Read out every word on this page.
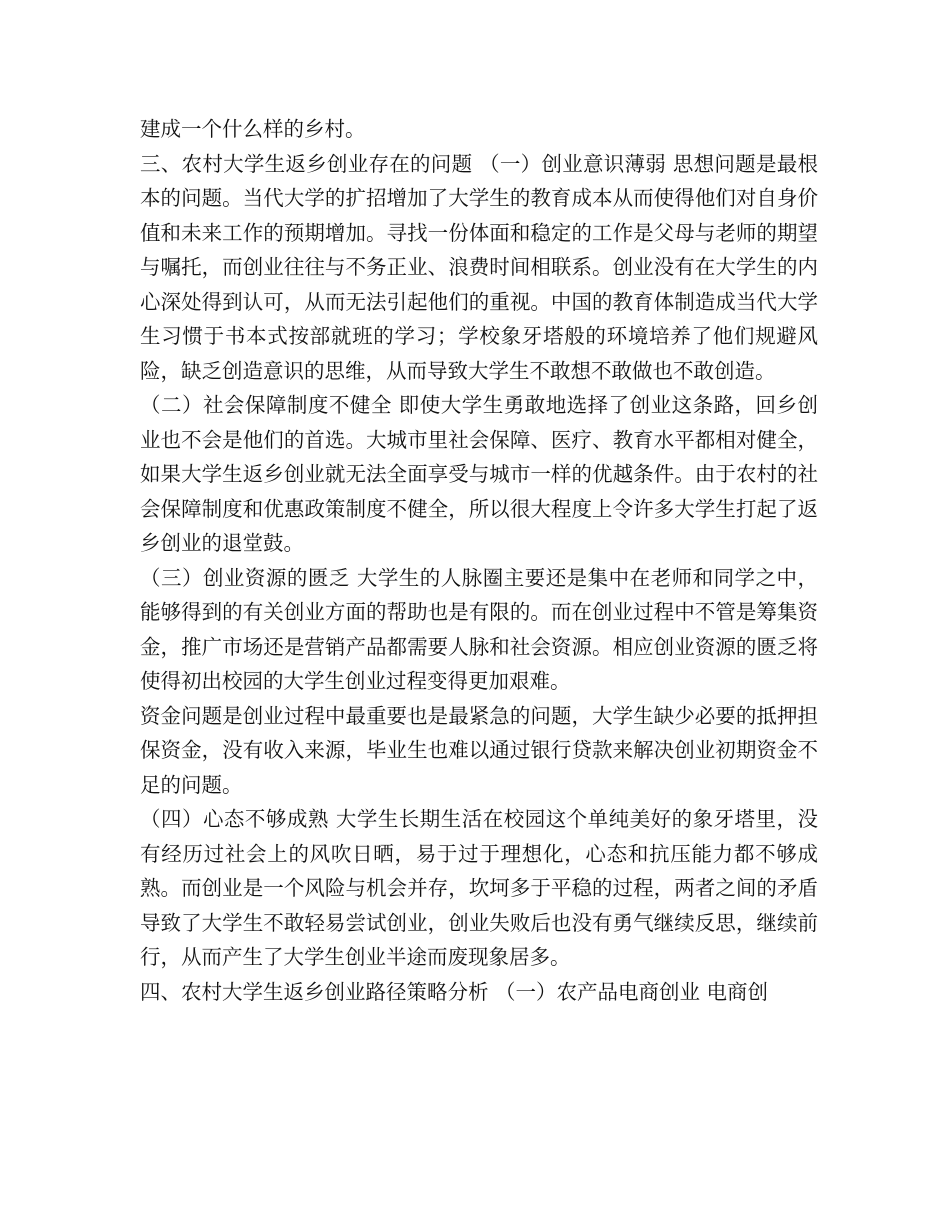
建成一个什么样的乡村。

三、农村大学生返乡创业存在的问题 （一）创业意识薄弱 思想问题是最根本的问题。当代大学的扩招增加了大学生的教育成本从而使得他们对自身价值和未来工作的预期增加。寻找一份体面和稳定的工作是父母与老师的期望与嘱托，而创业往往与不务正业、浪费时间相联系。创业没有在大学生的内心深处得到认可，从而无法引起他们的重视。中国的教育体制造成当代大学生习惯于书本式按部就班的学习；学校象牙塔般的环境培养了他们规避风险，缺乏创造意识的思维，从而导致大学生不敢想不敢做也不敢创造。

（二）社会保障制度不健全 即使大学生勇敢地选择了创业这条路，回乡创业也不会是他们的首选。大城市里社会保障、医疗、教育水平都相对健全，如果大学生返乡创业就无法全面享受与城市一样的优越条件。由于农村的社会保障制度和优惠政策制度不健全，所以很大程度上令许多大学生打起了返乡创业的退堂鼓。

（三）创业资源的匮乏 大学生的人脉圈主要还是集中在老师和同学之中，能够得到的有关创业方面的帮助也是有限的。而在创业过程中不管是筹集资金，推广市场还是营销产品都需要人脉和社会资源。相应创业资源的匮乏将使得初出校园的大学生创业过程变得更加艰难。

资金问题是创业过程中最重要也是最紧急的问题，大学生缺少必要的抵押担保资金，没有收入来源，毕业生也难以通过银行贷款来解决创业初期资金不足的问题。

（四）心态不够成熟 大学生长期生活在校园这个单纯美好的象牙塔里，没有经历过社会上的风吹日晒，易于过于理想化，心态和抗压能力都不够成熟。而创业是一个风险与机会并存，坎坷多于平稳的过程，两者之间的矛盾导致了大学生不敢轻易尝试创业，创业失败后也没有勇气继续反思，继续前行，从而产生了大学生创业半途而废现象居多。

四、农村大学生返乡创业路径策略分析 （一）农产品电商创业 电商创
